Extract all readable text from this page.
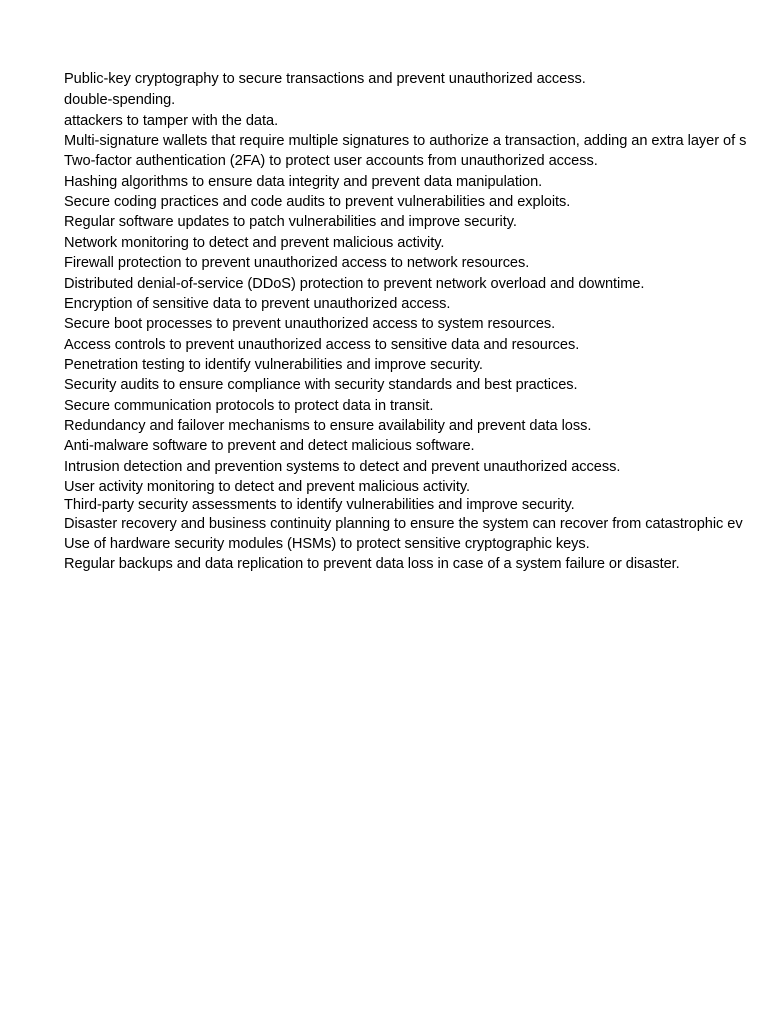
Public-key cryptography to secure transactions and prevent unauthorized access.
double-spending.
attackers to tamper with the data.
Multi-signature wallets that require multiple signatures to authorize a transaction, adding an extra layer of s
Two-factor authentication (2FA) to protect user accounts from unauthorized access.
Hashing algorithms to ensure data integrity and prevent data manipulation.
Secure coding practices and code audits to prevent vulnerabilities and exploits.
Regular software updates to patch vulnerabilities and improve security.
Network monitoring to detect and prevent malicious activity.
Firewall protection to prevent unauthorized access to network resources.
Distributed denial-of-service (DDoS) protection to prevent network overload and downtime.
Encryption of sensitive data to prevent unauthorized access.
Secure boot processes to prevent unauthorized access to system resources.
Access controls to prevent unauthorized access to sensitive data and resources.
Penetration testing to identify vulnerabilities and improve security.
Security audits to ensure compliance with security standards and best practices.
Secure communication protocols to protect data in transit.
Redundancy and failover mechanisms to ensure availability and prevent data loss.
Anti-malware software to prevent and detect malicious software.
Intrusion detection and prevention systems to detect and prevent unauthorized access.
User activity monitoring to detect and prevent malicious activity.
Third-party security assessments to identify vulnerabilities and improve security.
Disaster recovery and business continuity planning to ensure the system can recover from catastrophic ev
Use of hardware security modules (HSMs) to protect sensitive cryptographic keys.
Regular backups and data replication to prevent data loss in case of a system failure or disaster.
